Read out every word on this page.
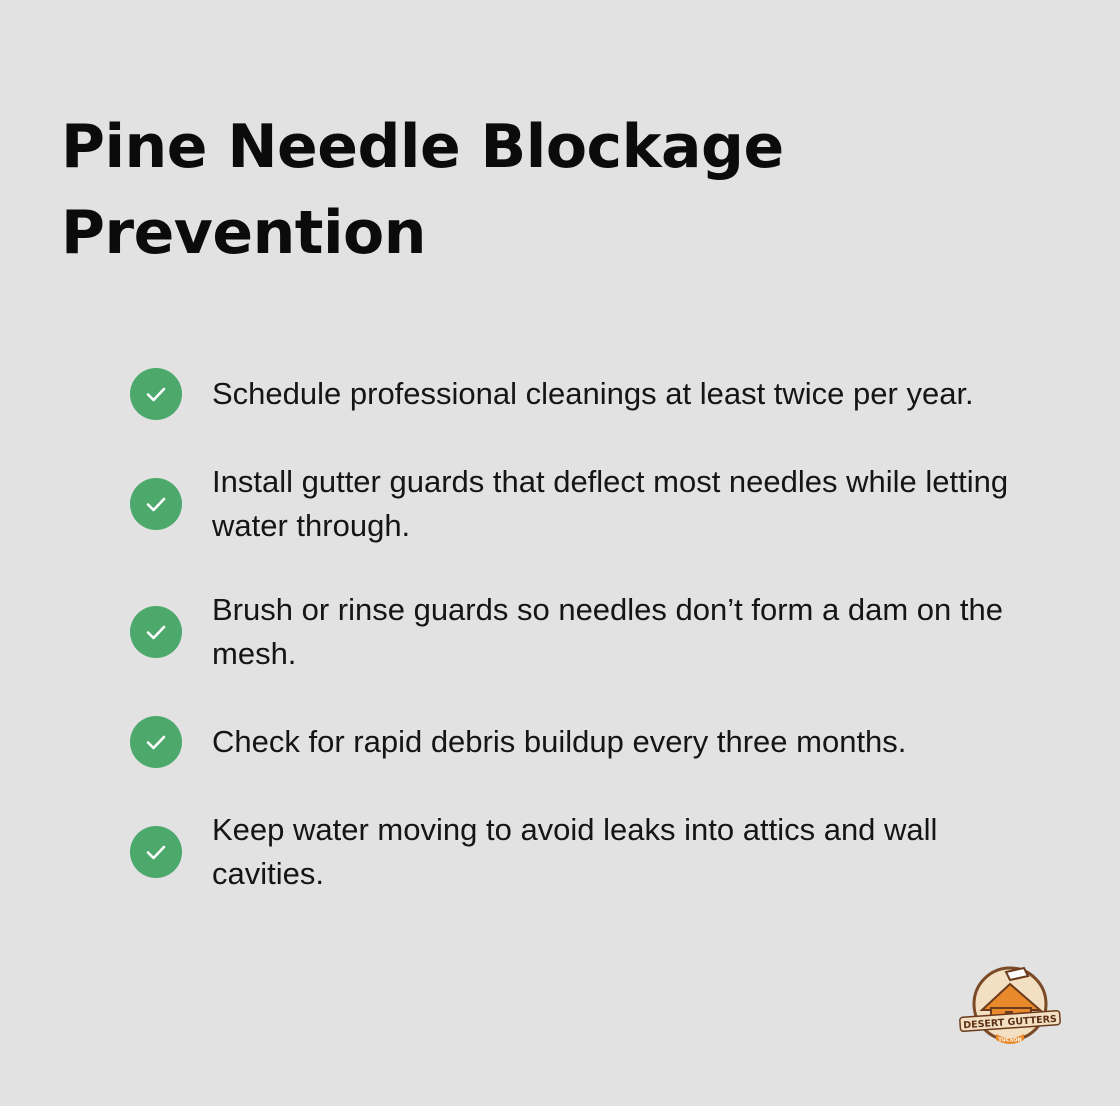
Pine Needle Blockage Prevention
Schedule professional cleanings at least twice per year.
Install gutter guards that deflect most needles while letting water through.
Brush or rinse guards so needles don’t form a dam on the mesh.
Check for rapid debris buildup every three months.
Keep water moving to avoid leaks into attics and wall cavities.
DESERT GUTTERS
TUCSON
